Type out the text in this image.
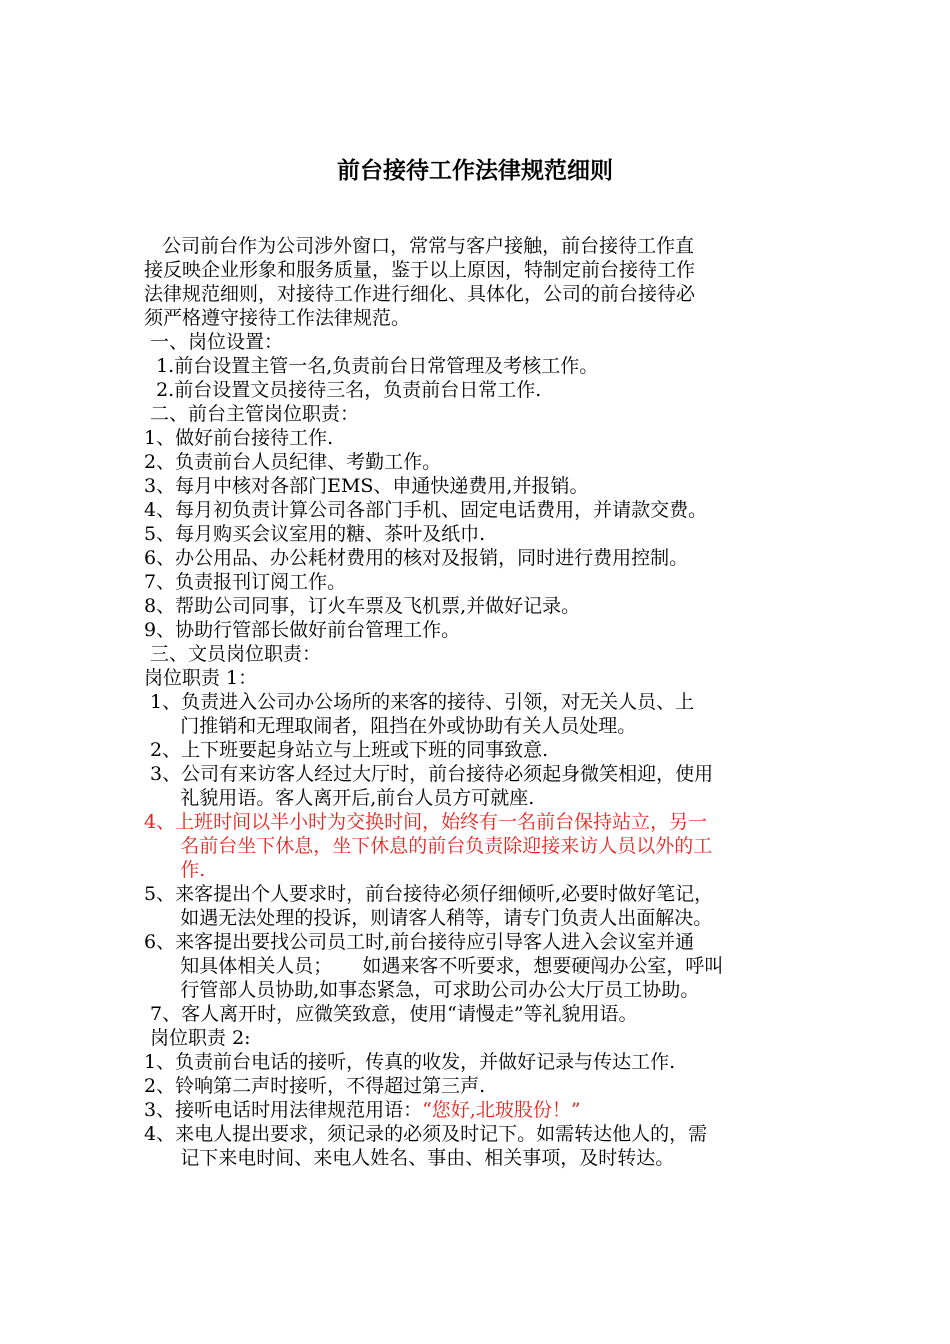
前台接待工作法律规范细则
公司前台作为公司涉外窗口，常常与客户接触，前台接待工作直
接反映企业形象和服务质量，鉴于以上原因，特制定前台接待工作
法律规范细则，对接待工作进行细化、具体化，公司的前台接待必
须严格遵守接待工作法律规范。
一、岗位设置：
1.前台设置主管一名,负责前台日常管理及考核工作。
2.前台设置文员接待三名，负责前台日常工作.
二、前台主管岗位职责：
1、做好前台接待工作.
2、负责前台人员纪律、考勤工作。
3、每月中核对各部门EMS、申通快递费用,并报销。
4、每月初负责计算公司各部门手机、固定电话费用，并请款交费。
5、每月购买会议室用的糖、茶叶及纸巾.
6、办公用品、办公耗材费用的核对及报销，同时进行费用控制。
7、负责报刊订阅工作。
8、帮助公司同事，订火车票及飞机票,并做好记录。
9、协助行管部长做好前台管理工作。
三、文员岗位职责：
岗位职责 1：
1、负责进入公司办公场所的来客的接待、引领，对无关人员、上
门推销和无理取闹者，阻挡在外或协助有关人员处理。
2、上下班要起身站立与上班或下班的同事致意.
3、公司有来访客人经过大厅时，前台接待必须起身微笑相迎，使用
礼貌用语。客人离开后,前台人员方可就座.
4、上班时间以半小时为交换时间，始终有一名前台保持站立，另一
名前台坐下休息，坐下休息的前台负责除迎接来访人员以外的工
作.
5、来客提出个人要求时，前台接待必须仔细倾听,必要时做好笔记，
如遇无法处理的投诉，则请客人稍等，请专门负责人出面解决。
6、来客提出要找公司员工时,前台接待应引导客人进入会议室并通
知具体相关人员；     如遇来客不听要求，想要硬闯办公室，呼叫
行管部人员协助,如事态紧急，可求助公司办公大厅员工协助。
7、客人离开时，应微笑致意，使用“请慢走”等礼貌用语。
岗位职责 2:
1、负责前台电话的接听，传真的收发，并做好记录与传达工作.
2、铃响第二声时接听，不得超过第三声.
3、接听电话时用法律规范用语：“您好,北玻股份！”
4、来电人提出要求，须记录的必须及时记下。如需转达他人的，需
记下来电时间、来电人姓名、事由、相关事项，及时转达。
